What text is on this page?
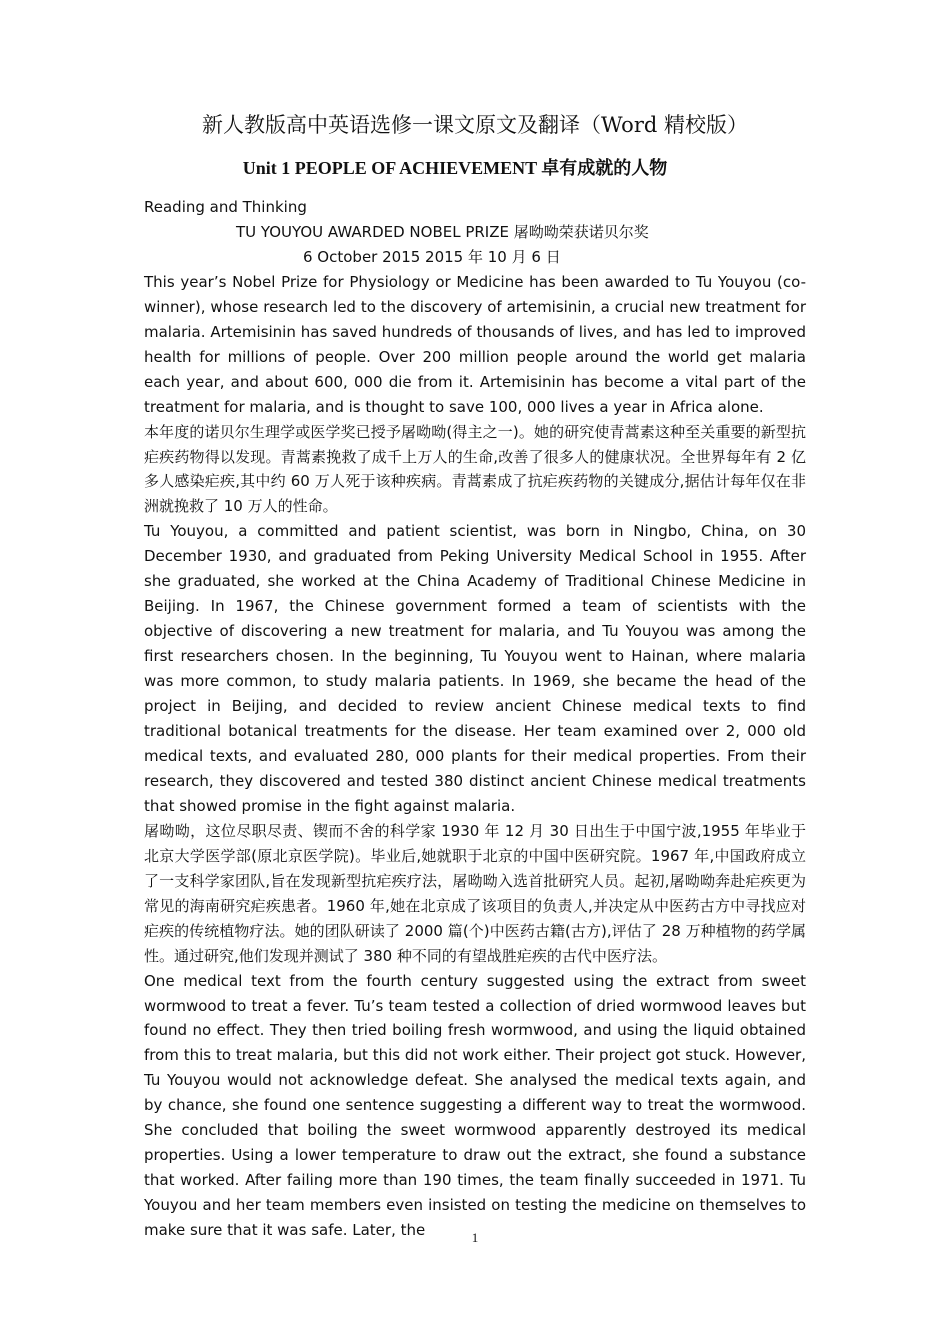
新人教版高中英语选修一课文原文及翻译（Word 精校版）
Unit 1 PEOPLE OF ACHIEVEMENT 卓有成就的人物

Reading and Thinking

TU YOUYOU AWARDED NOBEL PRIZE 屠呦呦荣获诺贝尔奖

6 October 2015 2015 年 10 月 6 日

This year’s Nobel Prize for Physiology or Medicine has been awarded to Tu Youyou (co-winner), whose research led to the discovery of artemisinin, a crucial new treatment for malaria. Artemisinin has saved hundreds of thousands of lives, and has led to improved health for millions of people. Over 200 million people around the world get malaria each year, and about 600, 000 die from it. Artemisinin has become a vital part of the treatment for malaria, and is thought to save 100, 000 lives a year in Africa alone.

本年度的诺贝尔生理学或医学奖已授予屠呦呦(得主之一)。她的研究使青蒿素这种至关重要的新型抗疟疾药物得以发现。青蒿素挽救了成千上万人的生命,改善了很多人的健康状况。全世界每年有 2 亿多人感染疟疾,其中约 60 万人死于该种疾病。青蒿素成了抗疟疾药物的关键成分,据估计每年仅在非洲就挽救了 10 万人的性命。

Tu Youyou, a committed and patient scientist, was born in Ningbo, China, on 30 December 1930, and graduated from Peking University Medical School in 1955. After she graduated, she worked at the China Academy of Traditional Chinese Medicine in Beijing. In 1967, the Chinese government formed a team of scientists with the objective of discovering a new treatment for malaria, and Tu Youyou was among the first researchers chosen. In the beginning, Tu Youyou went to Hainan, where malaria was more common, to study malaria patients. In 1969, she became the head of the project in Beijing, and decided to review ancient Chinese medical texts to find traditional botanical treatments for the disease. Her team examined over 2, 000 old medical texts, and evaluated 280, 000 plants for their medical properties. From their research, they discovered and tested 380 distinct ancient Chinese medical treatments that showed promise in the fight against malaria.

屠呦呦，这位尽职尽责、锲而不舍的科学家 1930 年 12 月 30 日出生于中国宁波,1955 年毕业于北京大学医学部(原北京医学院)。毕业后,她就职于北京的中国中医研究院。1967 年,中国政府成立了一支科学家团队,旨在发现新型抗疟疾疗法，屠呦呦入选首批研究人员。起初,屠呦呦奔赴疟疾更为常见的海南研究疟疾患者。1960 年,她在北京成了该项目的负责人,并决定从中医药古方中寻找应对疟疾的传统植物疗法。她的团队研读了 2000 篇(个)中医药古籍(古方),评估了 28 万种植物的药学属性。通过研究,他们发现并测试了 380 种不同的有望战胜疟疾的古代中医疗法。

One medical text from the fourth century suggested using the extract from sweet wormwood to treat a fever. Tu’s team tested a collection of dried wormwood leaves but found no effect. They then tried boiling fresh wormwood, and using the liquid obtained from this to treat malaria, but this did not work either. Their project got stuck. However, Tu Youyou would not acknowledge defeat. She analysed the medical texts again, and by chance, she found one sentence suggesting a different way to treat the wormwood. She concluded that boiling the sweet wormwood apparently destroyed its medical properties. Using a lower temperature to draw out the extract, she found a substance that worked. After failing more than 190 times, the team finally succeeded in 1971. Tu Youyou and her team members even insisted on testing the medicine on themselves to make sure that it was safe. Later, the	1
